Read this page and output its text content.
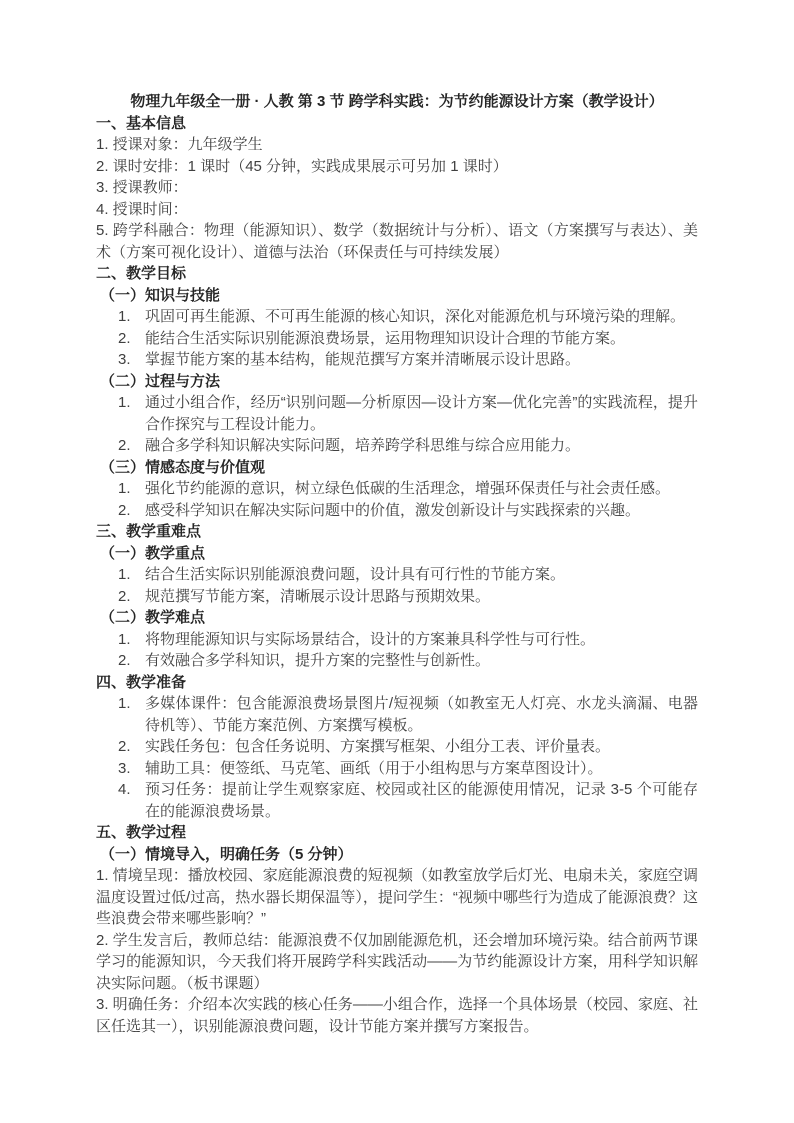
物理九年级全一册 · 人教 第 3 节 跨学科实践：为节约能源设计方案（教学设计）

一、基本信息

1. 授课对象：九年级学生

2. 课时安排：1 课时（45 分钟，实践成果展示可另加 1 课时）

3. 授课教师：

4. 授课时间：

5. 跨学科融合：物理（能源知识）、数学（数据统计与分析）、语文（方案撰写与表达）、美术（方案可视化设计）、道德与法治（环保责任与可持续发展）

二、教学目标
（一）知识与技能
1. 巩固可再生能源、不可再生能源的核心知识，深化对能源危机与环境污染的理解。
2. 能结合生活实际识别能源浪费场景，运用物理知识设计合理的节能方案。
3. 掌握节能方案的基本结构，能规范撰写方案并清晰展示设计思路。
（二）过程与方法
1. 通过小组合作，经历“识别问题—分析原因—设计方案—优化完善”的实践流程，提升合作探究与工程设计能力。
2. 融合多学科知识解决实际问题，培养跨学科思维与综合应用能力。
（三）情感态度与价值观
1. 强化节约能源的意识，树立绿色低碳的生活理念，增强环保责任与社会责任感。
2. 感受科学知识在解决实际问题中的价值，激发创新设计与实践探索的兴趣。
三、教学重难点
（一）教学重点
1. 结合生活实际识别能源浪费问题，设计具有可行性的节能方案。
2. 规范撰写节能方案，清晰展示设计思路与预期效果。
（二）教学难点
1. 将物理能源知识与实际场景结合，设计的方案兼具科学性与可行性。
2. 有效融合多学科知识，提升方案的完整性与创新性。
四、教学准备
1. 多媒体课件：包含能源浪费场景图片/短视频（如教室无人灯亮、水龙头滴漏、电器待机等）、节能方案范例、方案撰写模板。
2. 实践任务包：包含任务说明、方案撰写框架、小组分工表、评价量表。
3. 辅助工具：便签纸、马克笔、画纸（用于小组构思与方案草图设计）。
4. 预习任务：提前让学生观察家庭、校园或社区的能源使用情况，记录 3-5 个可能存在的能源浪费场景。
五、教学过程
（一）情境导入，明确任务（5 分钟）

1. 情境呈现：播放校园、家庭能源浪费的短视频（如教室放学后灯光、电扇未关，家庭空调温度设置过低/过高，热水器长期保温等），提问学生：“视频中哪些行为造成了能源浪费？这些浪费会带来哪些影响？”

2. 学生发言后，教师总结：能源浪费不仅加剧能源危机，还会增加环境污染。结合前两节课学习的能源知识，今天我们将开展跨学科实践活动——为节约能源设计方案，用科学知识解决实际问题。（板书课题）

3. 明确任务：介绍本次实践的核心任务——小组合作，选择一个具体场景（校园、家庭、社区任选其一），识别能源浪费问题，设计节能方案并撰写方案报告。
